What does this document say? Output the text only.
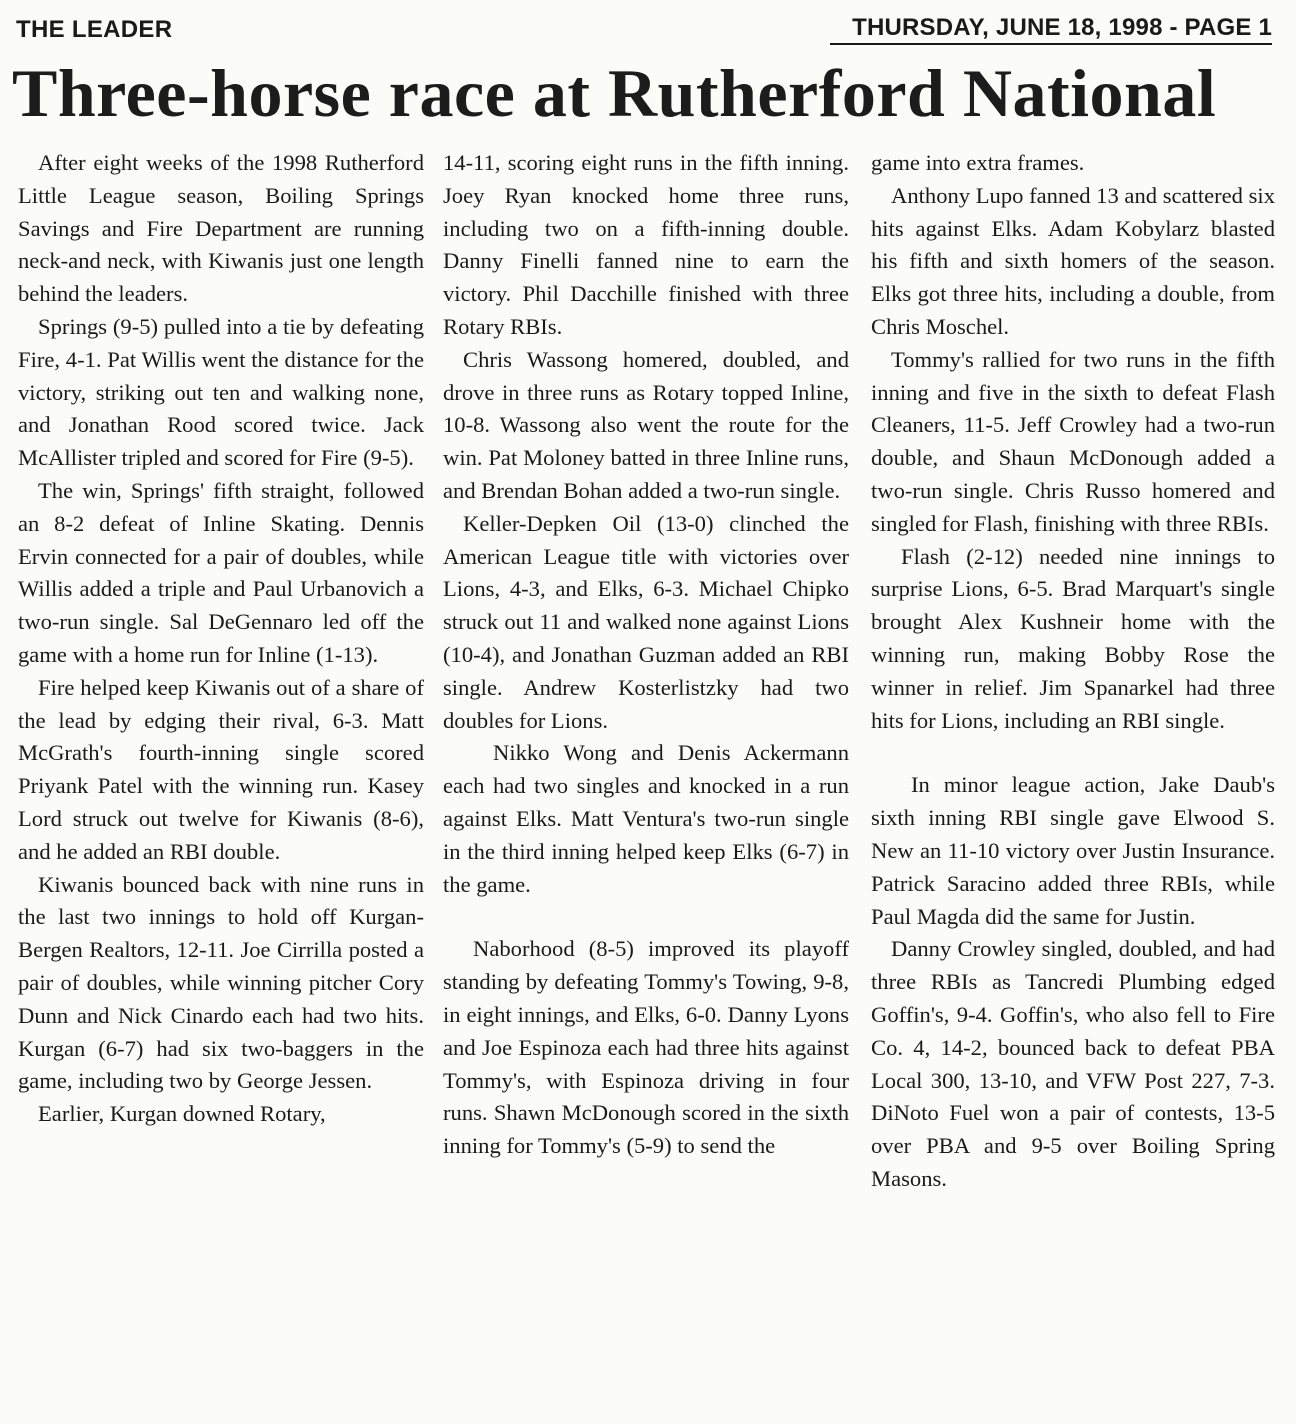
THE LEADER	THURSDAY, JUNE 18, 1998 - PAGE 1
Three-horse race at Rutherford National

After eight weeks of the 1998 Rutherford Little League season, Boiling Springs Savings and Fire Department are running neck-and neck, with Kiwanis just one length behind the leaders.

Springs (9-5) pulled into a tie by defeating Fire, 4-1. Pat Willis went the distance for the victory, striking out ten and walking none, and Jonathan Rood scored twice. Jack McAllister tripled and scored for Fire (9-5).

The win, Springs' fifth straight, followed an 8-2 defeat of Inline Skating. Dennis Ervin connected for a pair of doubles, while Willis added a triple and Paul Urbanovich a two-run single. Sal DeGennaro led off the game with a home run for Inline (1-13).

Fire helped keep Kiwanis out of a share of the lead by edging their rival, 6-3. Matt McGrath's fourth-inning single scored Priyank Patel with the winning run. Kasey Lord struck out twelve for Kiwanis (8-6), and he added an RBI double.

Kiwanis bounced back with nine runs in the last two innings to hold off Kurgan-Bergen Realtors, 12-11. Joe Cirrilla posted a pair of doubles, while winning pitcher Cory Dunn and Nick Cinardo each had two hits. Kurgan (6-7) had six two-baggers in the game, including two by George Jessen.

Earlier, Kurgan downed Rotary,

14-11, scoring eight runs in the fifth inning. Joey Ryan knocked home three runs, including two on a fifth-inning double. Danny Finelli fanned nine to earn the victory. Phil Dacchille finished with three Rotary RBIs.

Chris Wassong homered, doubled, and drove in three runs as Rotary topped Inline, 10-8. Wassong also went the route for the win. Pat Moloney batted in three Inline runs, and Brendan Bohan added a two-run single.

Keller-Depken Oil (13-0) clinched the American League title with victories over Lions, 4-3, and Elks, 6-3. Michael Chipko struck out 11 and walked none against Lions (10-4), and Jonathan Guzman added an RBI single. Andrew Kosterlistzky had two doubles for Lions.

Nikko Wong and Denis Ackermann each had two singles and knocked in a run against Elks. Matt Ventura's two-run single in the third inning helped keep Elks (6-7) in the game.

Naborhood (8-5) improved its playoff standing by defeating Tommy's Towing, 9-8, in eight innings, and Elks, 6-0. Danny Lyons and Joe Espinoza each had three hits against Tommy's, with Espinoza driving in four runs. Shawn McDonough scored in the sixth inning for Tommy's (5-9) to send the

game into extra frames.

Anthony Lupo fanned 13 and scattered six hits against Elks. Adam Kobylarz blasted his fifth and sixth homers of the season. Elks got three hits, including a double, from Chris Moschel.

Tommy's rallied for two runs in the fifth inning and five in the sixth to defeat Flash Cleaners, 11-5. Jeff Crowley had a two-run double, and Shaun McDonough added a two-run single. Chris Russo homered and singled for Flash, finishing with three RBIs.

Flash (2-12) needed nine innings to surprise Lions, 6-5. Brad Marquart's single brought Alex Kushneir home with the winning run, making Bobby Rose the winner in relief. Jim Spanarkel had three hits for Lions, including an RBI single.

In minor league action, Jake Daub's sixth inning RBI single gave Elwood S. New an 11-10 victory over Justin Insurance. Patrick Saracino added three RBIs, while Paul Magda did the same for Justin.

Danny Crowley singled, doubled, and had three RBIs as Tancredi Plumbing edged Goffin's, 9-4. Goffin's, who also fell to Fire Co. 4, 14-2, bounced back to defeat PBA Local 300, 13-10, and VFW Post 227, 7-3. DiNoto Fuel won a pair of contests, 13-5 over PBA and 9-5 over Boiling Spring Masons.
